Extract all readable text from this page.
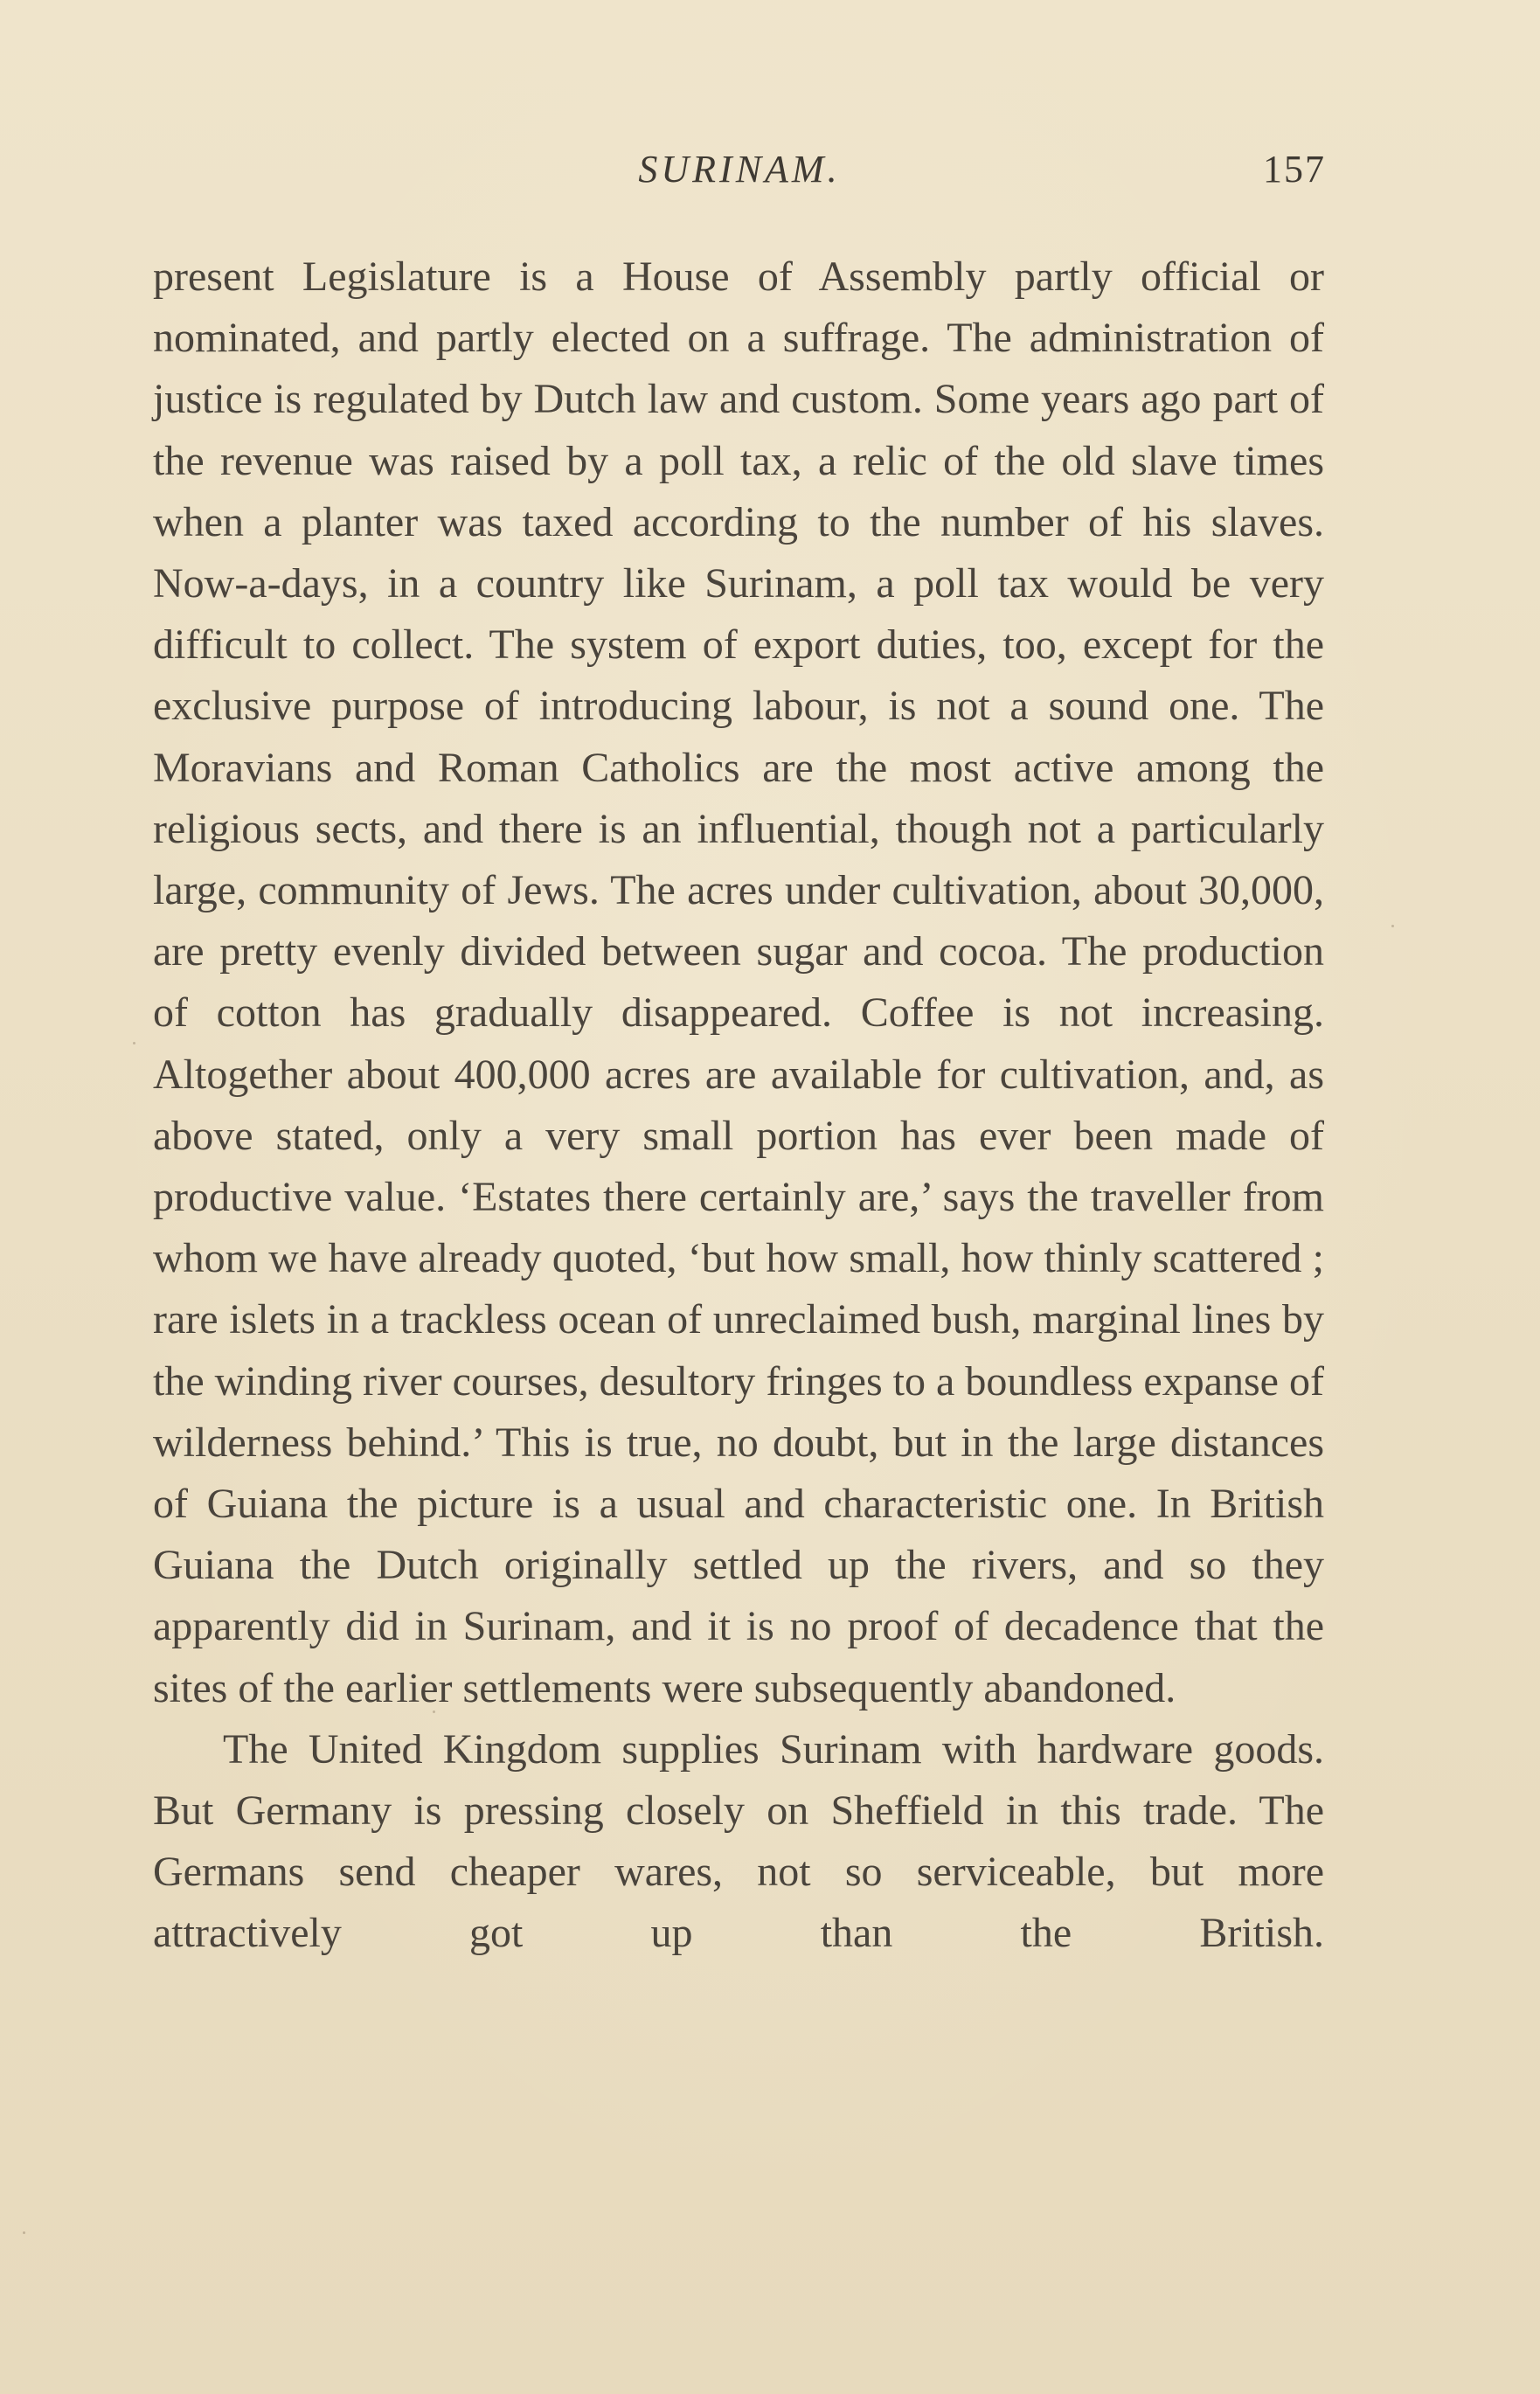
SURINAM.	157

present Legislature is a House of Assembly partly official or nominated, and partly elected on a suffrage. The administration of justice is regulated by Dutch law and custom. Some years ago part of the revenue was raised by a poll tax, a relic of the old slave times when a planter was taxed according to the number of his slaves. Now-a-days, in a country like Surinam, a poll tax would be very difficult to collect. The system of export duties, too, except for the exclusive purpose of introducing labour, is not a sound one. The Moravians and Roman Catholics are the most active among the religious sects, and there is an influential, though not a particularly large, community of Jews. The acres under cultivation, about 30,000, are pretty evenly divided between sugar and cocoa. The production of cotton has gradually disappeared. Coffee is not increasing. Altogether about 400,000 acres are available for cultivation, and, as above stated, only a very small portion has ever been made of productive value. ‘Estates there certainly are,’ says the traveller from whom we have already quoted, ‘but how small, how thinly scattered ; rare islets in a trackless ocean of unreclaimed bush, marginal lines by the winding river courses, desultory fringes to a boundless expanse of wilderness behind.’ This is true, no doubt, but in the large distances of Guiana the picture is a usual and characteristic one. In British Guiana the Dutch originally settled up the rivers, and so they apparently did in Surinam, and it is no proof of decadence that the sites of the earlier settlements were subsequently abandoned.

The United Kingdom supplies Surinam with hardware goods. But Germany is pressing closely on Sheffield in this trade. The Germans send cheaper wares, not so serviceable, but more attractively got up than the British.
